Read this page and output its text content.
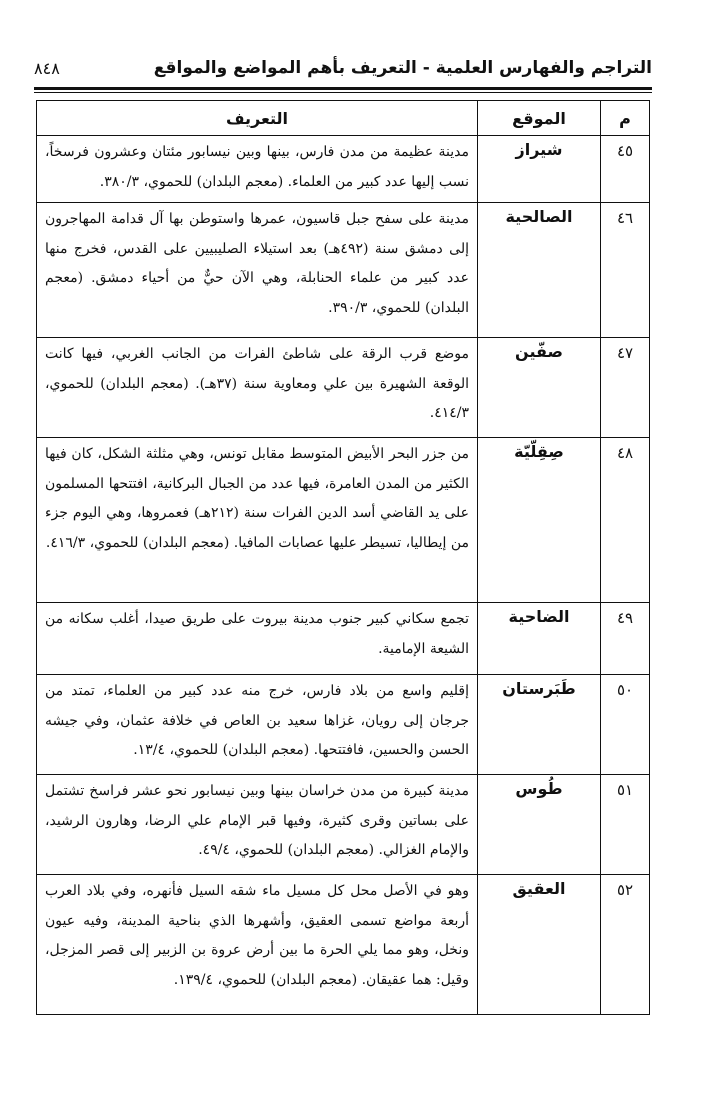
التراجم والفهارس العلمية - التعريف بأهم المواضع والمواقع
٨٤٨
م	الموقع	التعريف
٤٥	شيراز	مدينة عظيمة من مدن فارس، بينها وبين نيسابور مئتان وعشرون فرسخاً، نسب إليها عدد كبير من العلماء. (معجم البلدان) للحموي، ٣٨٠/٣.
٤٦	الصالحية	مدينة على سفح جبل قاسيون، عمرها واستوطن بها آل قدامة المهاجرون إلى دمشق سنة (٤٩٢هـ) بعد استيلاء الصليبيين على القدس، فخرج منها عدد كبير من علماء الحنابلة، وهي الآن حيٌّ من أحياء دمشق. (معجم البلدان) للحموي، ٣٩٠/٣.
٤٧	صفّين	موضع قرب الرقة على شاطئ الفرات من الجانب الغربي، فيها كانت الوقعة الشهيرة بين علي ومعاوية سنة (٣٧هـ). (معجم البلدان) للحموي، ٤١٤/٣.
٤٨	صِقِلّيّة	من جزر البحر الأبيض المتوسط مقابل تونس، وهي مثلثة الشكل، كان فيها الكثير من المدن العامرة، فيها عدد من الجبال البركانية، افتتحها المسلمون على يد القاضي أسد الدين الفرات سنة (٢١٢هـ) فعمروها، وهي اليوم جزء من إيطاليا، تسيطر عليها عصابات المافيا. (معجم البلدان) للحموي، ٤١٦/٣.
٤٩	الضاحية	تجمع سكاني كبير جنوب مدينة بيروت على طريق صيدا، أغلب سكانه من الشيعة الإمامية.
٥٠	طَبَرستان	إقليم واسع من بلاد فارس، خرج منه عدد كبير من العلماء، تمتد من جرجان إلى رويان، غزاها سعيد بن العاص في خلافة عثمان، وفي جيشه الحسن والحسين، فافتتحها. (معجم البلدان) للحموي، ١٣/٤.
٥١	طُوس	مدينة كبيرة من مدن خراسان بينها وبين نيسابور نحو عشر فراسخ تشتمل على بساتين وقرى كثيرة، وفيها قبر الإمام علي الرضا، وهارون الرشيد، والإمام الغزالي. (معجم البلدان) للحموي، ٤٩/٤.
٥٢	العقيق	وهو في الأصل محل كل مسيل ماء شقه السيل فأنهره، وفي بلاد العرب أربعة مواضع تسمى العقيق، وأشهرها الذي بناحية المدينة، وفيه عيون ونخل، وهو مما يلي الحرة ما بين أرض عروة بن الزبير إلى قصر المزجل، وقيل: هما عقيقان. (معجم البلدان) للحموي، ١٣٩/٤.
